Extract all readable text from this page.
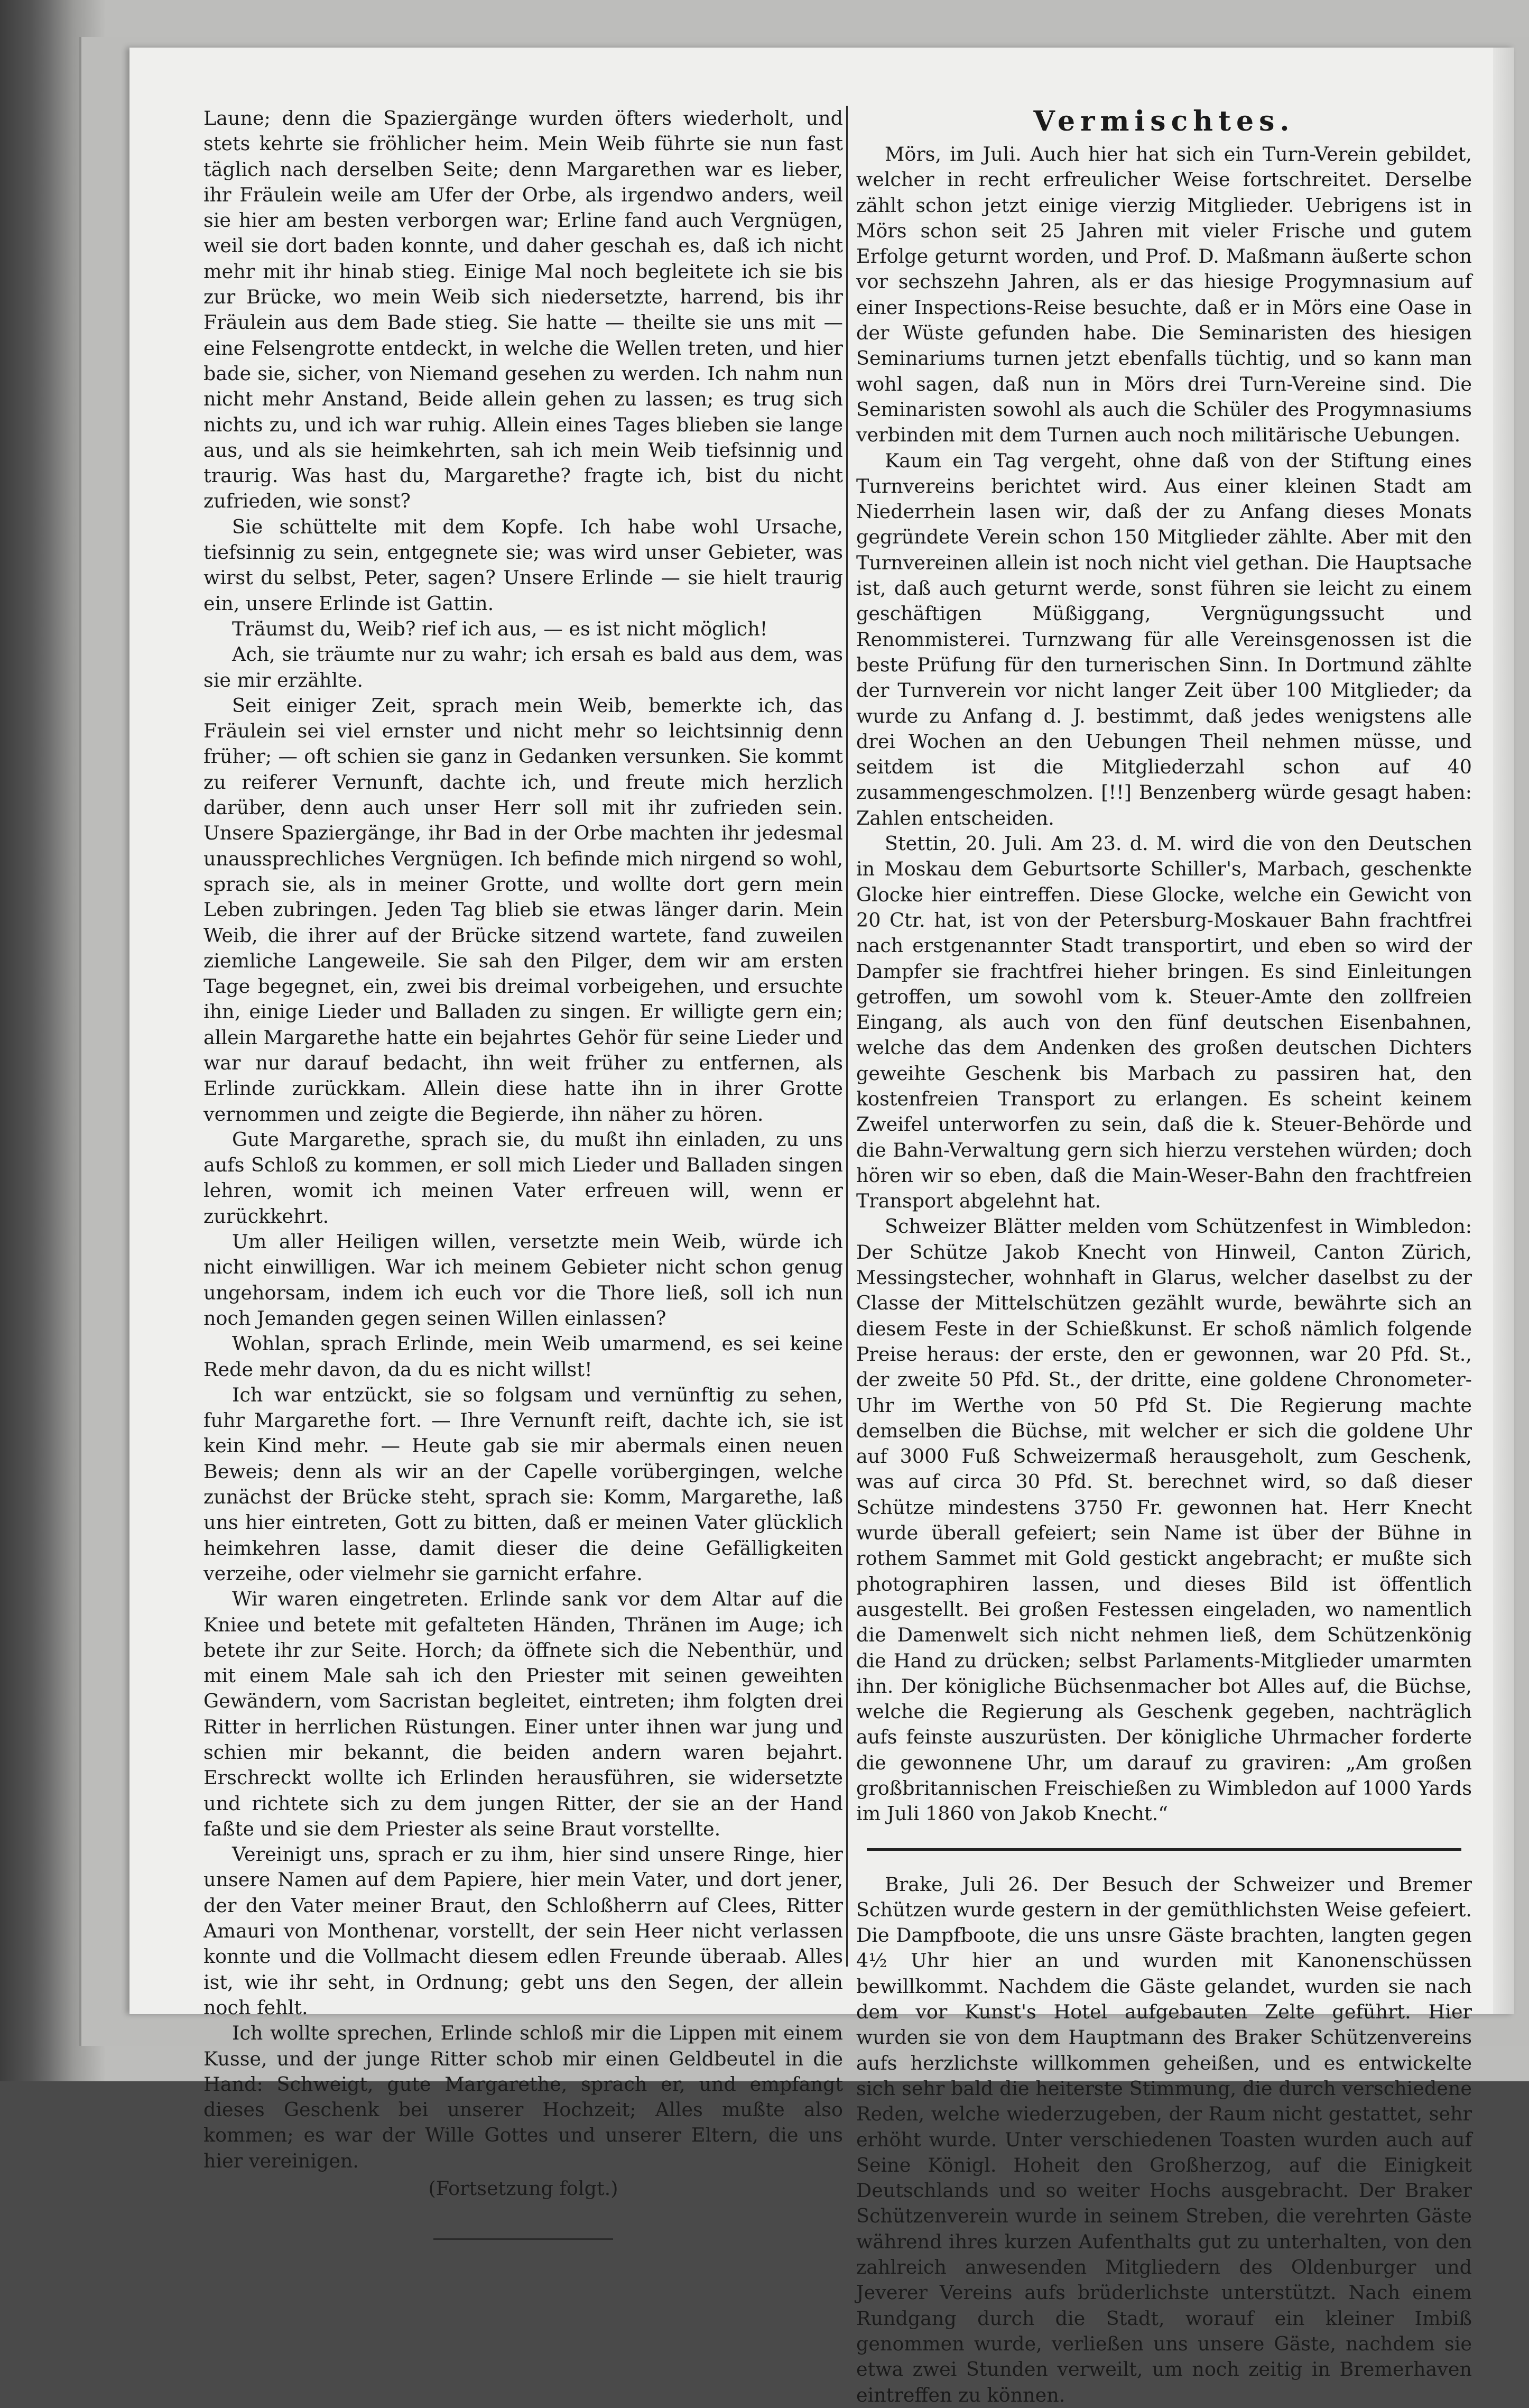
Laune; denn die Spaziergänge wurden öfters wiederholt, und stets kehrte sie fröhlicher heim. Mein Weib führte sie nun fast täglich nach derselben Seite; denn Margarethen war es lieber, ihr Fräulein weile am Ufer der Orbe, als irgendwo anders, weil sie hier am besten verborgen war; Erline fand auch Vergnügen, weil sie dort baden konnte, und daher geschah es, daß ich nicht mehr mit ihr hinab stieg. Einige Mal noch begleitete ich sie bis zur Brücke, wo mein Weib sich niedersetzte, harrend, bis ihr Fräulein aus dem Bade stieg. Sie hatte — theilte sie uns mit — eine Felsengrotte entdeckt, in welche die Wellen treten, und hier bade sie, sicher, von Niemand gesehen zu werden. Ich nahm nun nicht mehr Anstand, Beide allein gehen zu lassen; es trug sich nichts zu, und ich war ruhig. Allein eines Tages blieben sie lange aus, und als sie heimkehrten, sah ich mein Weib tiefsinnig und traurig. Was hast du, Margarethe? fragte ich, bist du nicht zufrieden, wie sonst?

Sie schüttelte mit dem Kopfe. Ich habe wohl Ursache, tiefsinnig zu sein, entgegnete sie; was wird unser Gebieter, was wirst du selbst, Peter, sagen? Unsere Erlinde — sie hielt traurig ein, unsere Erlinde ist Gattin.

Träumst du, Weib? rief ich aus, — es ist nicht möglich!

Ach, sie träumte nur zu wahr; ich ersah es bald aus dem, was sie mir erzählte.

Seit einiger Zeit, sprach mein Weib, bemerkte ich, das Fräulein sei viel ernster und nicht mehr so leichtsinnig denn früher; — oft schien sie ganz in Gedanken versunken. Sie kommt zu reiferer Vernunft, dachte ich, und freute mich herzlich darüber, denn auch unser Herr soll mit ihr zufrieden sein. Unsere Spaziergänge, ihr Bad in der Orbe machten ihr jedesmal unaussprechliches Vergnügen. Ich befinde mich nirgend so wohl, sprach sie, als in meiner Grotte, und wollte dort gern mein Leben zubringen. Jeden Tag blieb sie etwas länger darin. Mein Weib, die ihrer auf der Brücke sitzend wartete, fand zuweilen ziemliche Langeweile. Sie sah den Pilger, dem wir am ersten Tage begegnet, ein, zwei bis dreimal vorbeigehen, und ersuchte ihn, einige Lieder und Balladen zu singen. Er willigte gern ein; allein Margarethe hatte ein bejahrtes Gehör für seine Lieder und war nur darauf bedacht, ihn weit früher zu entfernen, als Erlinde zurückkam. Allein diese hatte ihn in ihrer Grotte vernommen und zeigte die Begierde, ihn näher zu hören.

Gute Margarethe, sprach sie, du mußt ihn einladen, zu uns aufs Schloß zu kommen, er soll mich Lieder und Balladen singen lehren, womit ich meinen Vater erfreuen will, wenn er zurückkehrt.

Um aller Heiligen willen, versetzte mein Weib, würde ich nicht einwilligen. War ich meinem Gebieter nicht schon genug ungehorsam, indem ich euch vor die Thore ließ, soll ich nun noch Jemanden gegen seinen Willen einlassen?

Wohlan, sprach Erlinde, mein Weib umarmend, es sei keine Rede mehr davon, da du es nicht willst!

Ich war entzückt, sie so folgsam und vernünftig zu sehen, fuhr Margarethe fort. — Ihre Vernunft reift, dachte ich, sie ist kein Kind mehr. — Heute gab sie mir abermals einen neuen Beweis; denn als wir an der Capelle vorübergingen, welche zunächst der Brücke steht, sprach sie: Komm, Margarethe, laß uns hier eintreten, Gott zu bitten, daß er meinen Vater glücklich heimkehren lasse, damit dieser die deine Gefälligkeiten verzeihe, oder vielmehr sie garnicht erfahre.

Wir waren eingetreten. Erlinde sank vor dem Altar auf die Kniee und betete mit gefalteten Händen, Thränen im Auge; ich betete ihr zur Seite. Horch; da öffnete sich die Nebenthür, und mit einem Male sah ich den Priester mit seinen geweihten Gewändern, vom Sacristan begleitet, eintreten; ihm folgten drei Ritter in herrlichen Rüstungen. Einer unter ihnen war jung und schien mir bekannt, die beiden andern waren bejahrt. Erschreckt wollte ich Erlinden herausführen, sie widersetzte und richtete sich zu dem jungen Ritter, der sie an der Hand faßte und sie dem Priester als seine Braut vorstellte.

Vereinigt uns, sprach er zu ihm, hier sind unsere Ringe, hier unsere Namen auf dem Papiere, hier mein Vater, und dort jener, der den Vater meiner Braut, den Schloßherrn auf Clees, Ritter Amauri von Monthenar, vorstellt, der sein Heer nicht verlassen konnte und die Vollmacht diesem edlen Freunde überaab. Alles ist, wie ihr seht, in Ordnung; gebt uns den Segen, der allein noch fehlt.

Ich wollte sprechen, Erlinde schloß mir die Lippen mit einem Kusse, und der junge Ritter schob mir einen Geldbeutel in die Hand: Schweigt, gute Margarethe, sprach er, und empfangt dieses Geschenk bei unserer Hochzeit; Alles mußte also kommen; es war der Wille Gottes und unserer Eltern, die uns hier vereinigen.

(Fortsetzung folgt.)

Vermischtes.

Mörs, im Juli. Auch hier hat sich ein Turn-Verein gebildet, welcher in recht erfreulicher Weise fortschreitet. Derselbe zählt schon jetzt einige vierzig Mitglieder. Uebrigens ist in Mörs schon seit 25 Jahren mit vieler Frische und gutem Erfolge geturnt worden, und Prof. D. Maßmann äußerte schon vor sechszehn Jahren, als er das hiesige Progymnasium auf einer Inspections-Reise besuchte, daß er in Mörs eine Oase in der Wüste gefunden habe. Die Seminaristen des hiesigen Seminariums turnen jetzt ebenfalls tüchtig, und so kann man wohl sagen, daß nun in Mörs drei Turn-Vereine sind. Die Seminaristen sowohl als auch die Schüler des Progymnasiums verbinden mit dem Turnen auch noch militärische Uebungen.

Kaum ein Tag vergeht, ohne daß von der Stiftung eines Turnvereins berichtet wird. Aus einer kleinen Stadt am Niederrhein lasen wir, daß der zu Anfang dieses Monats gegründete Verein schon 150 Mitglieder zählte. Aber mit den Turnvereinen allein ist noch nicht viel gethan. Die Hauptsache ist, daß auch geturnt werde, sonst führen sie leicht zu einem geschäftigen Müßiggang, Vergnügungssucht und Renommisterei. Turnzwang für alle Vereinsgenossen ist die beste Prüfung für den turnerischen Sinn. In Dortmund zählte der Turnverein vor nicht langer Zeit über 100 Mitglieder; da wurde zu Anfang d. J. bestimmt, daß jedes wenigstens alle drei Wochen an den Uebungen Theil nehmen müsse, und seitdem ist die Mitgliederzahl schon auf 40 zusammengeschmolzen. [!!] Benzenberg würde gesagt haben: Zahlen entscheiden.

Stettin, 20. Juli. Am 23. d. M. wird die von den Deutschen in Moskau dem Geburtsorte Schiller's, Marbach, geschenkte Glocke hier eintreffen. Diese Glocke, welche ein Gewicht von 20 Ctr. hat, ist von der Petersburg-Moskauer Bahn frachtfrei nach erstgenannter Stadt transportirt, und eben so wird der Dampfer sie frachtfrei hieher bringen. Es sind Einleitungen getroffen, um sowohl vom k. Steuer-Amte den zollfreien Eingang, als auch von den fünf deutschen Eisenbahnen, welche das dem Andenken des großen deutschen Dichters geweihte Geschenk bis Marbach zu passiren hat, den kostenfreien Transport zu erlangen. Es scheint keinem Zweifel unterworfen zu sein, daß die k. Steuer-Behörde und die Bahn-Verwaltung gern sich hierzu verstehen würden; doch hören wir so eben, daß die Main-Weser-Bahn den frachtfreien Transport abgelehnt hat.

Schweizer Blätter melden vom Schützenfest in Wimbledon: Der Schütze Jakob Knecht von Hinweil, Canton Zürich, Messingstecher, wohnhaft in Glarus, welcher daselbst zu der Classe der Mittelschützen gezählt wurde, bewährte sich an diesem Feste in der Schießkunst. Er schoß nämlich folgende Preise heraus: der erste, den er gewonnen, war 20 Pfd. St., der zweite 50 Pfd. St., der dritte, eine goldene Chronometer-Uhr im Werthe von 50 Pfd St. Die Regierung machte demselben die Büchse, mit welcher er sich die goldene Uhr auf 3000 Fuß Schweizermaß herausgeholt, zum Geschenk, was auf circa 30 Pfd. St. berechnet wird, so daß dieser Schütze mindestens 3750 Fr. gewonnen hat. Herr Knecht wurde überall gefeiert; sein Name ist über der Bühne in rothem Sammet mit Gold gestickt angebracht; er mußte sich photographiren lassen, und dieses Bild ist öffentlich ausgestellt. Bei großen Festessen eingeladen, wo namentlich die Damenwelt sich nicht nehmen ließ, dem Schützenkönig die Hand zu drücken; selbst Parlaments-Mitglieder umarmten ihn. Der königliche Büchsenmacher bot Alles auf, die Büchse, welche die Regierung als Geschenk gegeben, nachträglich aufs feinste auszurüsten. Der königliche Uhrmacher forderte die gewonnene Uhr, um darauf zu graviren: „Am großen großbritannischen Freischießen zu Wimbledon auf 1000 Yards im Juli 1860 von Jakob Knecht.“

Brake, Juli 26. Der Besuch der Schweizer und Bremer Schützen wurde gestern in der gemüthlichsten Weise gefeiert. Die Dampfboote, die uns unsre Gäste brachten, langten gegen 4½ Uhr hier an und wurden mit Kanonenschüssen bewillkommt. Nachdem die Gäste gelandet, wurden sie nach dem vor Kunst's Hotel aufgebauten Zelte geführt. Hier wurden sie von dem Hauptmann des Braker Schützenvereins aufs herzlichste willkommen geheißen, und es entwickelte sich sehr bald die heiterste Stimmung, die durch verschiedene Reden, welche wiederzugeben, der Raum nicht gestattet, sehr erhöht wurde. Unter verschiedenen Toasten wurden auch auf Seine Königl. Hoheit den Großherzog, auf die Einigkeit Deutschlands und so weiter Hochs ausgebracht. Der Braker Schützenverein wurde in seinem Streben, die verehrten Gäste während ihres kurzen Aufenthalts gut zu unterhalten, von den zahlreich anwesenden Mitgliedern des Oldenburger und Jeverer Vereins aufs brüderlichste unterstützt. Nach einem Rundgang durch die Stadt, worauf ein kleiner Imbiß genommen wurde, verließen uns unsere Gäste, nachdem sie etwa zwei Stunden verweilt, um noch zeitig in Bremerhaven eintreffen zu können.
